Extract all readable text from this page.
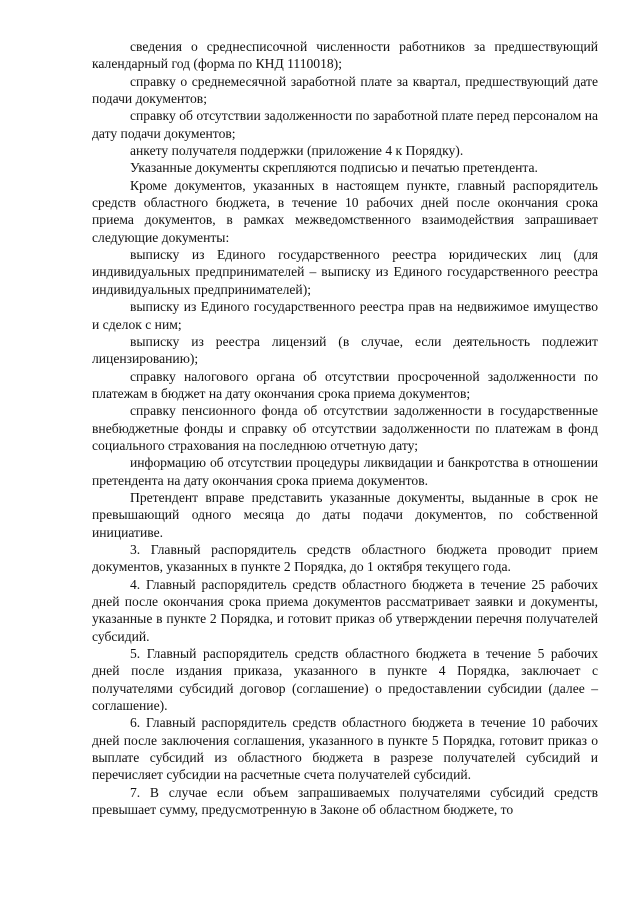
сведения о среднесписочной численности работников за предшествующий календарный год (форма по КНД 1110018);

справку о среднемесячной заработной плате за квартал, предшествующий дате подачи документов;

справку об отсутствии задолженности по заработной плате перед персоналом на дату подачи документов;

анкету получателя поддержки (приложение 4 к Порядку).

Указанные документы скрепляются подписью и печатью претендента.

Кроме документов, указанных в настоящем пункте, главный распорядитель средств областного бюджета, в течение 10 рабочих дней после окончания срока приема документов, в рамках межведомственного взаимодействия запрашивает следующие документы:

выписку из Единого государственного реестра юридических лиц (для индивидуальных предпринимателей – выписку из Единого государственного реестра индивидуальных предпринимателей);

выписку из Единого государственного реестра прав на недвижимое имущество и сделок с ним;

выписку из реестра лицензий (в случае, если деятельность подлежит лицензированию);

справку налогового органа об отсутствии просроченной задолженности по платежам в бюджет на дату окончания срока приема документов;

справку пенсионного фонда об отсутствии задолженности в государственные внебюджетные фонды и справку об отсутствии задолженности по платежам в фонд социального страхования на последнюю отчетную дату;

информацию об отсутствии процедуры ликвидации и банкротства в отношении претендента на дату окончания срока приема документов.

Претендент вправе представить указанные документы, выданные в срок не превышающий одного месяца до даты подачи документов, по собственной инициативе.

3. Главный распорядитель средств областного бюджета проводит прием документов, указанных в пункте 2 Порядка, до 1 октября текущего года.

4. Главный распорядитель средств областного бюджета в течение 25 рабочих дней после окончания срока приема документов рассматривает заявки и документы, указанные в пункте 2 Порядка, и готовит приказ об утверждении перечня получателей субсидий.

5. Главный распорядитель средств областного бюджета в течение 5 рабочих дней после издания приказа, указанного в пункте 4 Порядка, заключает с получателями субсидий договор (соглашение) о предоставлении субсидии (далее – соглашение).

6. Главный распорядитель средств областного бюджета в течение 10 рабочих дней после заключения соглашения, указанного в пункте 5 Порядка, готовит приказ о выплате субсидий из областного бюджета в разрезе получателей субсидий и перечисляет субсидии на расчетные счета получателей субсидий.

7. В случае если объем запрашиваемых получателями субсидий средств превышает сумму, предусмотренную в Законе об областном бюджете, то
